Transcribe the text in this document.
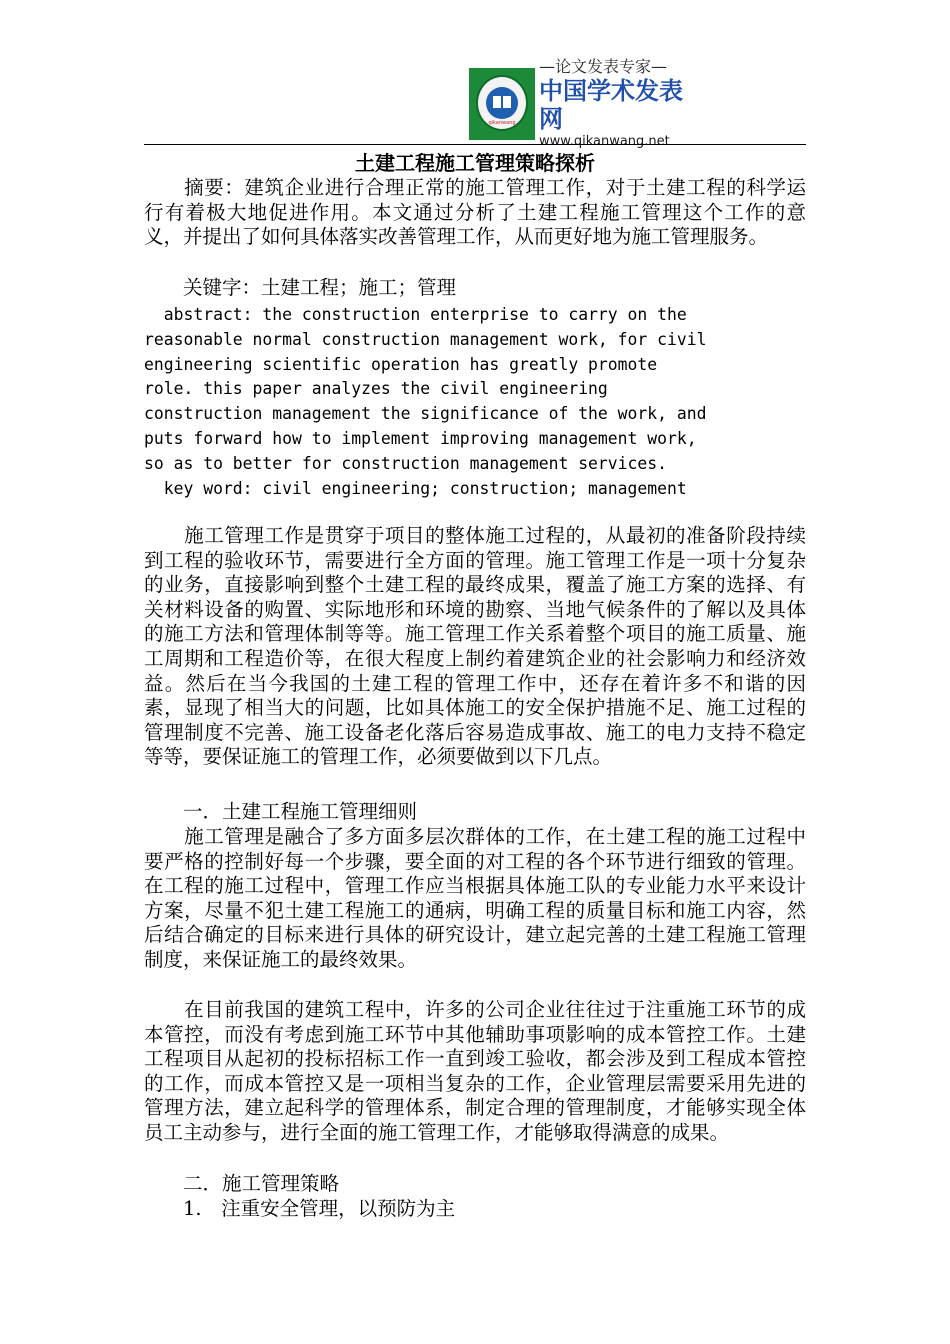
qikanwang
—论文发表专家—
中国学术发表网
www.qikanwang.net
土建工程施工管理策略探析

　　摘要：建筑企业进行合理正常的施工管理工作，对于土建工程的科学运行有着极大地促进作用。本文通过分析了土建工程施工管理这个工作的意义，并提出了如何具体落实改善管理工作，从而更好地为施工管理服务。

　　关键字：土建工程；施工；管理

abstract: the construction enterprise to carry on the
reasonable normal construction management work, for civil
engineering scientific operation has greatly promote
role. this paper analyzes the civil engineering
construction management the significance of the work, and
puts forward how to implement improving management work,
so as to better for construction management services.

key word: civil engineering; construction; management

　　施工管理工作是贯穿于项目的整体施工过程的，从最初的准备阶段持续到工程的验收环节，需要进行全方面的管理。施工管理工作是一项十分复杂的业务，直接影响到整个土建工程的最终成果，覆盖了施工方案的选择、有关材料设备的购置、实际地形和环境的勘察、当地气候条件的了解以及具体的施工方法和管理体制等等。施工管理工作关系着整个项目的施工质量、施工周期和工程造价等，在很大程度上制约着建筑企业的社会影响力和经济效益。然后在当今我国的土建工程的管理工作中，还存在着许多不和谐的因素，显现了相当大的问题，比如具体施工的安全保护措施不足、施工过程的管理制度不完善、施工设备老化落后容易造成事故、施工的电力支持不稳定等等，要保证施工的管理工作，必须要做到以下几点。

　　一．土建工程施工管理细则

　　施工管理是融合了多方面多层次群体的工作，在土建工程的施工过程中要严格的控制好每一个步骤，要全面的对工程的各个环节进行细致的管理。在工程的施工过程中，管理工作应当根据具体施工队的专业能力水平来设计方案，尽量不犯土建工程施工的通病，明确工程的质量目标和施工内容，然后结合确定的目标来进行具体的研究设计，建立起完善的土建工程施工管理制度，来保证施工的最终效果。

　　在目前我国的建筑工程中，许多的公司企业往往过于注重施工环节的成本管控，而没有考虑到施工环节中其他辅助事项影响的成本管控工作。土建工程项目从起初的投标招标工作一直到竣工验收，都会涉及到工程成本管控的工作，而成本管控又是一项相当复杂的工作，企业管理层需要采用先进的管理方法，建立起科学的管理体系，制定合理的管理制度，才能够实现全体员工主动参与，进行全面的施工管理工作，才能够取得满意的成果。

　　二．施工管理策略

　　1.　注重安全管理，以预防为主
